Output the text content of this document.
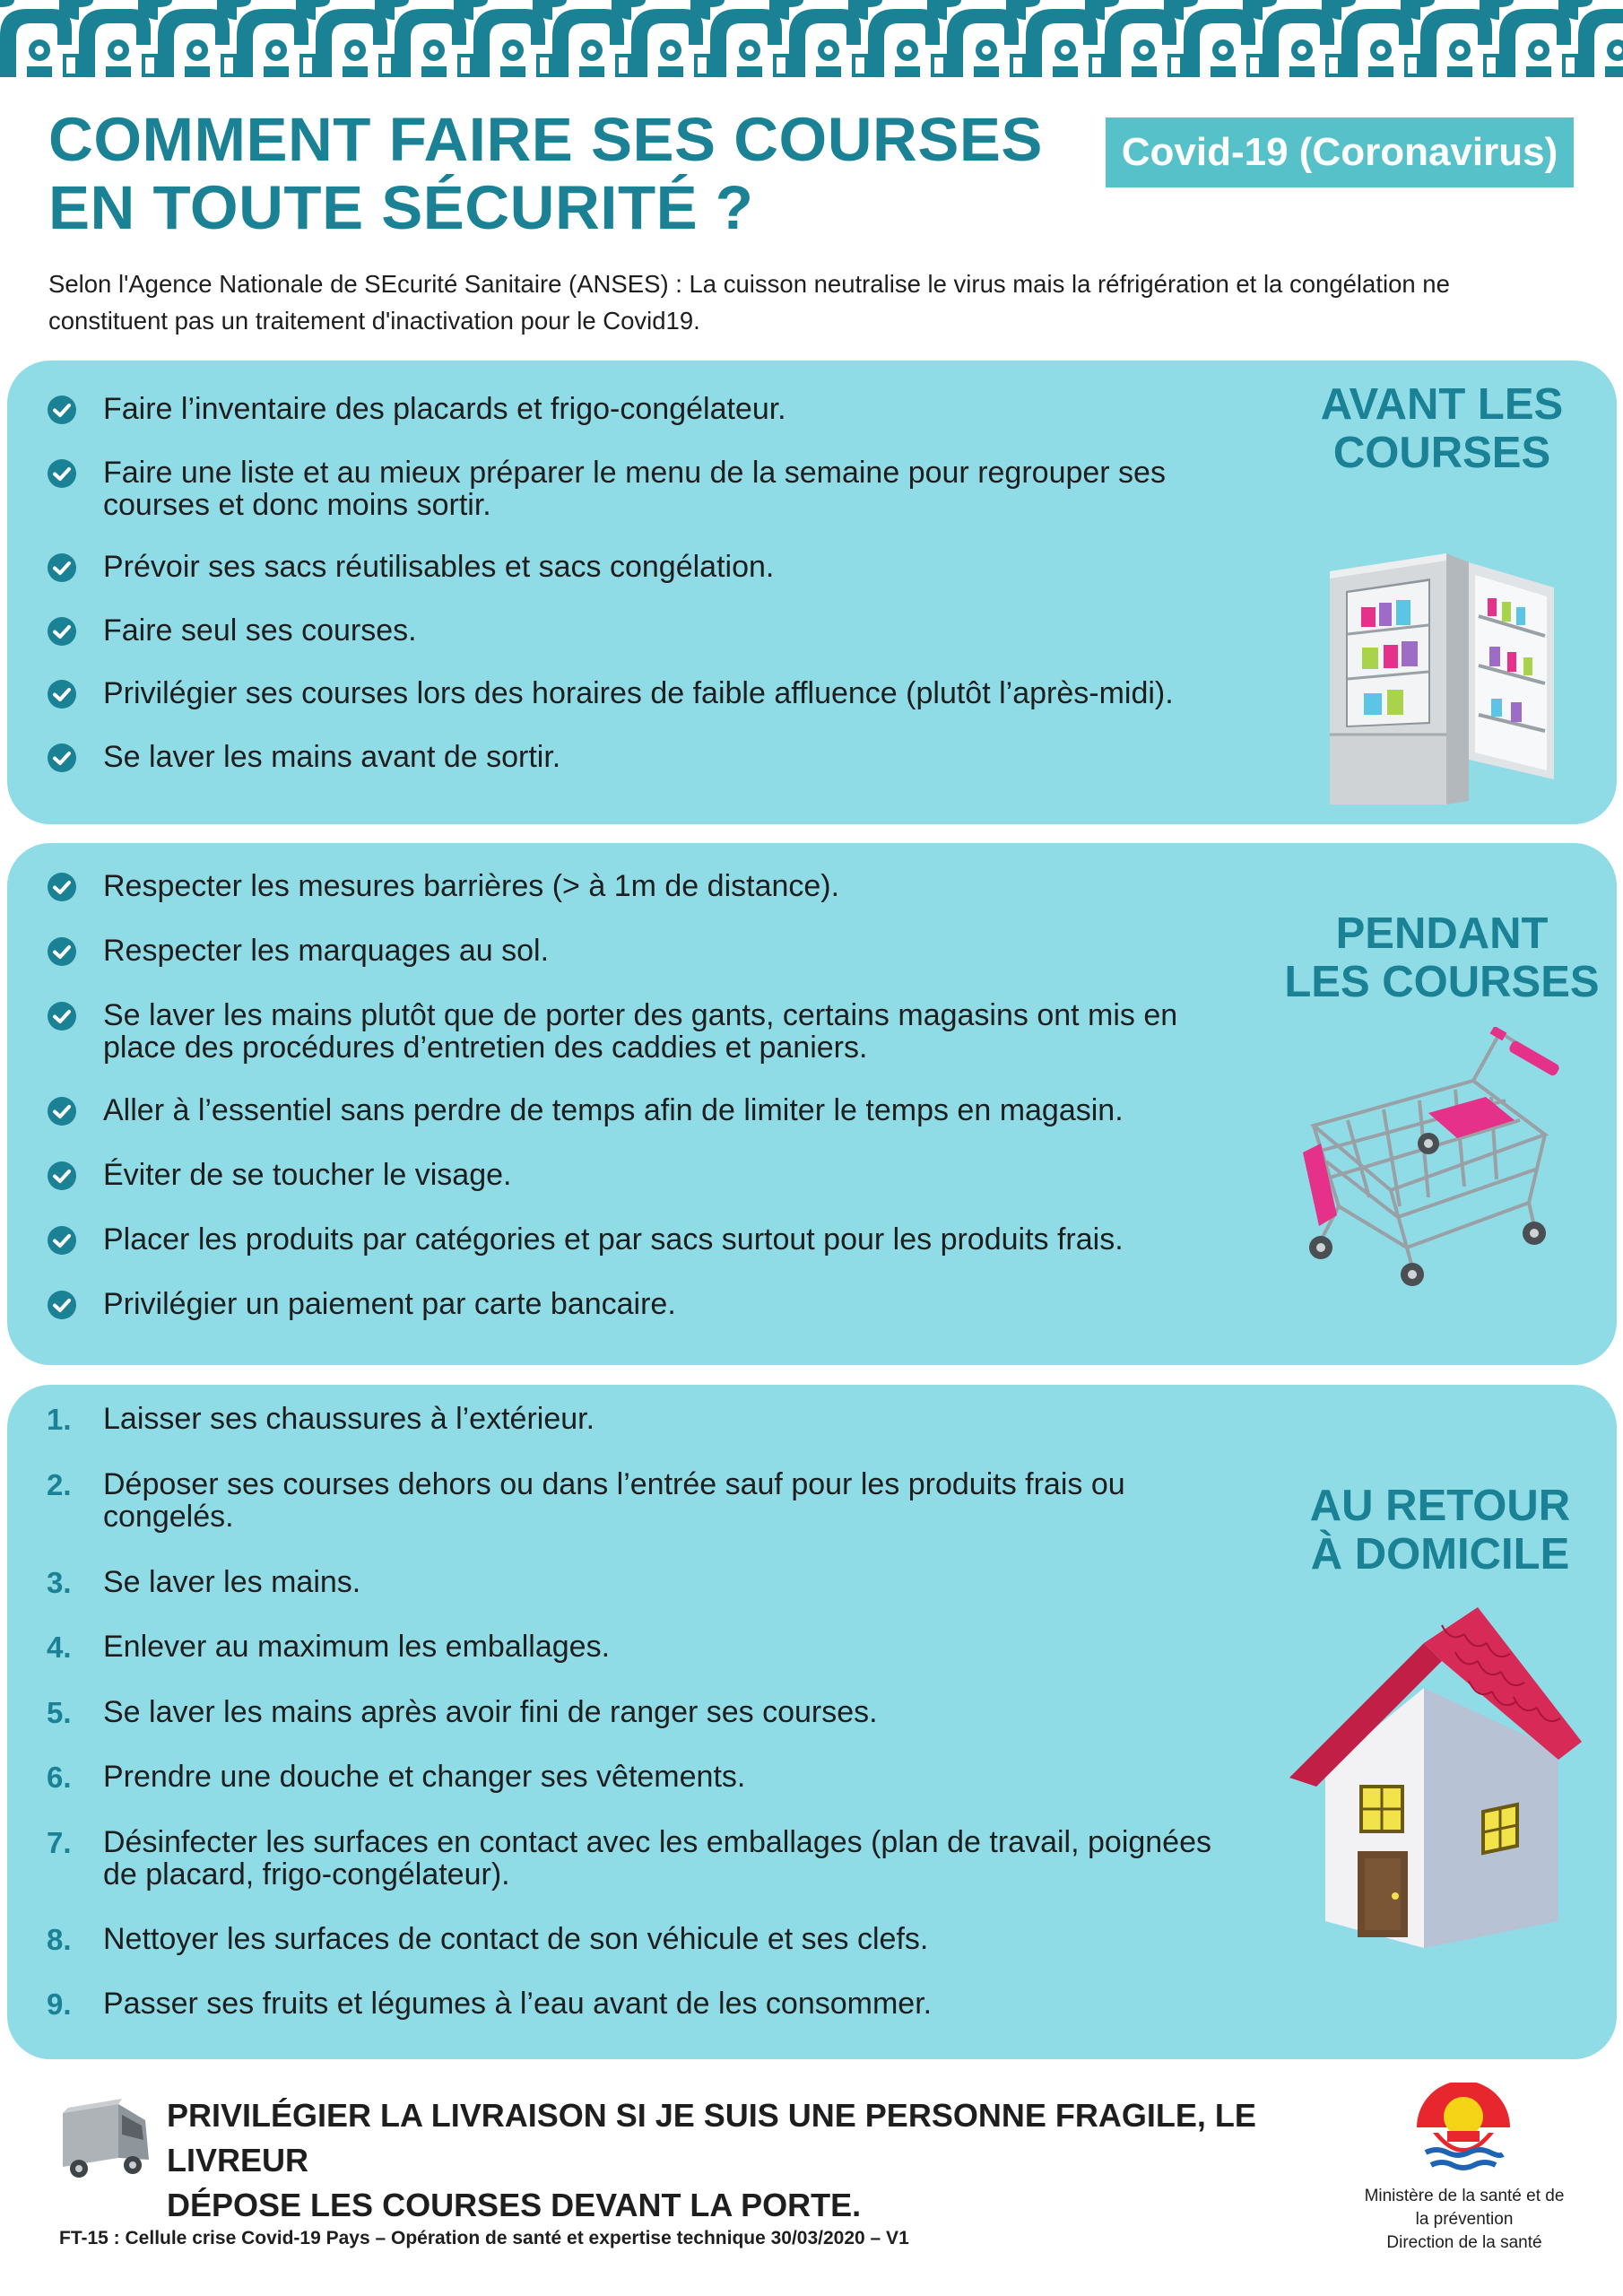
COMMENT FAIRE SES COURSES
EN TOUTE SÉCURITÉ ?
Covid-19 (Coronavirus)
Selon l'Agence Nationale de SEcurité Sanitaire (ANSES) : La cuisson neutralise le virus mais la réfrigération et la congélation ne constituent pas un traitement d'inactivation pour le Covid19.
Faire l’inventaire des placards et frigo-congélateur.
Faire une liste et au mieux préparer le menu de la semaine pour regrouper ses courses et donc moins sortir.
Prévoir ses sacs réutilisables et sacs congélation.
Faire seul ses courses.
Privilégier ses courses lors des horaires de faible affluence (plutôt l’après-midi).
Se laver les mains avant de sortir.
AVANT LES
COURSES
Respecter les mesures barrières (> à 1m de distance).
Respecter les marquages au sol.
Se laver les mains plutôt que de porter des gants, certains magasins ont mis en place des procédures d’entretien des caddies et paniers.
Aller à l’essentiel sans perdre de temps afin de limiter le temps en magasin.
Éviter de se toucher le visage.
Placer les produits par catégories et par sacs surtout pour les produits frais.
Privilégier un paiement par carte bancaire.
PENDANT
LES COURSES
1.	Laisser ses chaussures à l’extérieur.
2.	Déposer ses courses dehors ou dans l’entrée sauf pour les produits frais ou congelés.
3.	Se laver les mains.
4.	Enlever au maximum les emballages.
5.	Se laver les mains après avoir fini de ranger ses courses.
6.	Prendre une douche et changer ses vêtements.
7.	Désinfecter les surfaces en contact avec les emballages (plan de travail, poignées de placard, frigo-congélateur).
8.	Nettoyer les surfaces de contact de son véhicule et ses clefs.
9.	Passer ses fruits et légumes à l’eau avant de les consommer.
AU RETOUR
À DOMICILE
PRIVILÉGIER LA LIVRAISON SI JE SUIS UNE PERSONNE FRAGILE, LE LIVREUR
DÉPOSE LES COURSES DEVANT LA PORTE.	Ministère de la santé et de
la prévention
Direction de la santé
FT-15 : Cellule crise Covid-19 Pays – Opération de santé et expertise technique 30/03/2020 – V1
